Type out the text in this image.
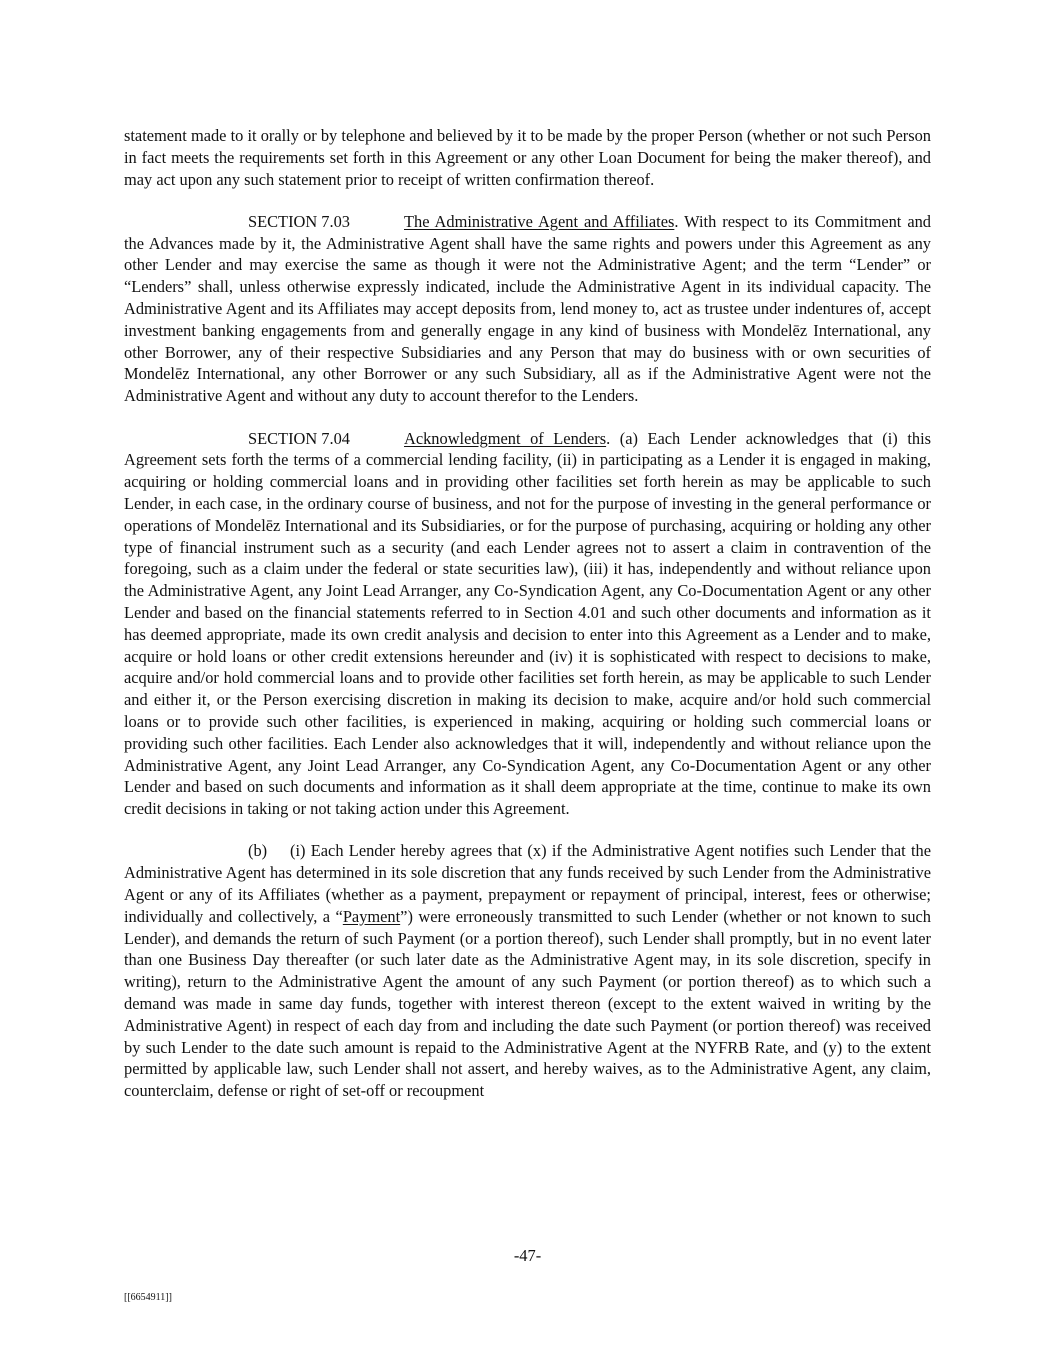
statement made to it orally or by telephone and believed by it to be made by the proper Person (whether or not such Person in fact meets the requirements set forth in this Agreement or any other Loan Document for being the maker thereof), and may act upon any such statement prior to receipt of written confirmation thereof.

SECTION 7.03	The Administrative Agent and Affiliates. With respect to its Commitment and the Advances made by it, the Administrative Agent shall have the same rights and powers under this Agreement as any other Lender and may exercise the same as though it were not the Administrative Agent; and the term “Lender” or “Lenders” shall, unless otherwise expressly indicated, include the Administrative Agent in its individual capacity. The Administrative Agent and its Affiliates may accept deposits from, lend money to, act as trustee under indentures of, accept investment banking engagements from and generally engage in any kind of business with Mondelēz International, any other Borrower, any of their respective Subsidiaries and any Person that may do business with or own securities of Mondelēz International, any other Borrower or any such Subsidiary, all as if the Administrative Agent were not the Administrative Agent and without any duty to account therefor to the Lenders.

SECTION 7.04	Acknowledgment of Lenders. (a) Each Lender acknowledges that (i) this Agreement sets forth the terms of a commercial lending facility, (ii) in participating as a Lender it is engaged in making, acquiring or holding commercial loans and in providing other facilities set forth herein as may be applicable to such Lender, in each case, in the ordinary course of business, and not for the purpose of investing in the general performance or operations of Mondelēz International and its Subsidiaries, or for the purpose of purchasing, acquiring or holding any other type of financial instrument such as a security (and each Lender agrees not to assert a claim in contravention of the foregoing, such as a claim under the federal or state securities law), (iii) it has, independently and without reliance upon the Administrative Agent, any Joint Lead Arranger, any Co-Syndication Agent, any Co-Documentation Agent or any other Lender and based on the financial statements referred to in Section 4.01 and such other documents and information as it has deemed appropriate, made its own credit analysis and decision to enter into this Agreement as a Lender and to make, acquire or hold loans or other credit extensions hereunder and (iv) it is sophisticated with respect to decisions to make, acquire and/or hold commercial loans and to provide other facilities set forth herein, as may be applicable to such Lender and either it, or the Person exercising discretion in making its decision to make, acquire and/or hold such commercial loans or to provide such other facilities, is experienced in making, acquiring or holding such commercial loans or providing such other facilities. Each Lender also acknowledges that it will, independently and without reliance upon the Administrative Agent, any Joint Lead Arranger, any Co-Syndication Agent, any Co-Documentation Agent or any other Lender and based on such documents and information as it shall deem appropriate at the time, continue to make its own credit decisions in taking or not taking action under this Agreement.

(b) (i) Each Lender hereby agrees that (x) if the Administrative Agent notifies such Lender that the Administrative Agent has determined in its sole discretion that any funds received by such Lender from the Administrative Agent or any of its Affiliates (whether as a payment, prepayment or repayment of principal, interest, fees or otherwise; individually and collectively, a “Payment”) were erroneously transmitted to such Lender (whether or not known to such Lender), and demands the return of such Payment (or a portion thereof), such Lender shall promptly, but in no event later than one Business Day thereafter (or such later date as the Administrative Agent may, in its sole discretion, specify in writing), return to the Administrative Agent the amount of any such Payment (or portion thereof) as to which such a demand was made in same day funds, together with interest thereon (except to the extent waived in writing by the Administrative Agent) in respect of each day from and including the date such Payment (or portion thereof) was received by such Lender to the date such amount is repaid to the Administrative Agent at the NYFRB Rate, and (y) to the extent permitted by applicable law, such Lender shall not assert, and hereby waives, as to the Administrative Agent, any claim, counterclaim, defense or right of set-off or recoupment

-47-
[[6654911]]
